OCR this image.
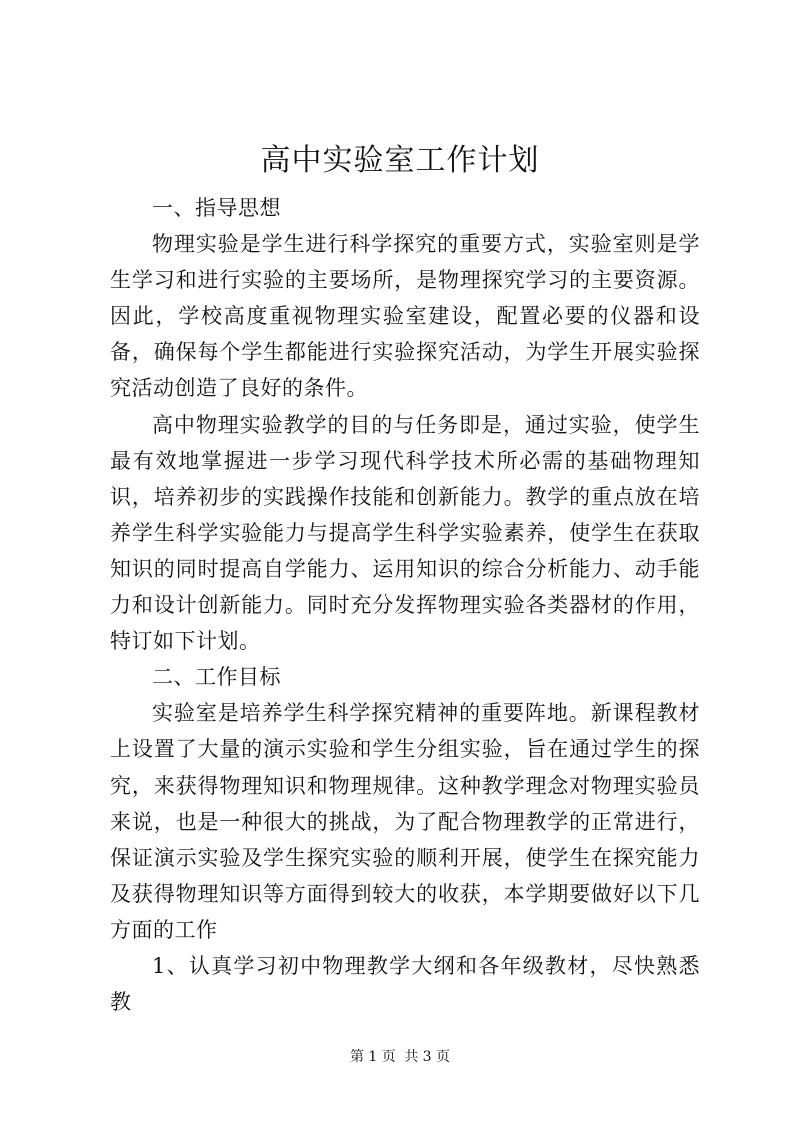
高中实验室工作计划

一、指导思想

物理实验是学生进行科学探究的重要方式，实验室则是学生学习和进行实验的主要场所，是物理探究学习的主要资源。因此，学校高度重视物理实验室建设，配置必要的仪器和设备，确保每个学生都能进行实验探究活动，为学生开展实验探究活动创造了良好的条件。

高中物理实验教学的目的与任务即是，通过实验，使学生最有效地掌握进一步学习现代科学技术所必需的基础物理知识，培养初步的实践操作技能和创新能力。教学的重点放在培养学生科学实验能力与提高学生科学实验素养，使学生在获取知识的同时提高自学能力、运用知识的综合分析能力、动手能力和设计创新能力。同时充分发挥物理实验各类器材的作用，特订如下计划。

二、工作目标

实验室是培养学生科学探究精神的重要阵地。新课程教材上设置了大量的演示实验和学生分组实验，旨在通过学生的探究，来获得物理知识和物理规律。这种教学理念对物理实验员来说，也是一种很大的挑战，为了配合物理教学的正常进行，保证演示实验及学生探究实验的顺利开展，使学生在探究能力及获得物理知识等方面得到较大的收获，本学期要做好以下几方面的工作

1、认真学习初中物理教学大纲和各年级教材，尽快熟悉教

第 1 页 共 3 页
